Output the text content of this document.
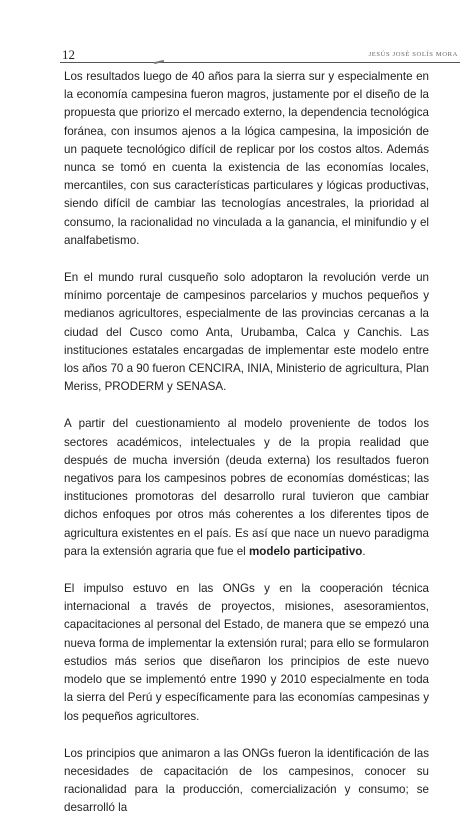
12	JESÚS JOSÉ SOLÍS MORA

Los resultados luego de 40 años para la sierra sur y especialmente en la economía campesina fueron magros, justamente por el diseño de la propuesta que priorizo el mercado externo, la dependencia tecnológica foránea, con insumos ajenos a la lógica campesina, la imposición de un paquete tecnológico difícil de replicar por los costos altos. Además nunca se tomó en cuenta la existencia de las economías locales, mercantiles, con sus características particulares y lógicas productivas, siendo difícil de cambiar las tecnologías ancestrales, la prioridad al consumo, la racionalidad no vinculada a la ganancia, el minifundio y el analfabetismo.

En el mundo rural cusqueño solo adoptaron la revolución verde un mínimo porcentaje de campesinos parcelarios y muchos pequeños y medianos agricultores, especialmente de las provincias cercanas a la ciudad del Cusco como Anta, Urubamba, Calca y Canchis. Las instituciones estatales encargadas de implementar este modelo entre los años 70 a 90 fueron CENCIRA, INIA, Ministerio de agricultura, Plan Meriss, PRODERM y SENASA.

A partir del cuestionamiento al modelo proveniente de todos los sectores académicos, intelectuales y de la propia realidad que después de mucha inversión (deuda externa) los resultados fueron negativos para los campesinos pobres de economías domésticas; las instituciones promotoras del desarrollo rural tuvieron que cambiar dichos enfoques por otros más coherentes a los diferentes tipos de agricultura existentes en el país. Es así que nace un nuevo paradigma para la extensión agraria que fue el modelo participativo.

El impulso estuvo en las ONGs y en la cooperación técnica internacional a través de proyectos, misiones, asesoramientos, capacitaciones al personal del Estado, de manera que se empezó una nueva forma de implementar la extensión rural; para ello se formularon estudios más serios que diseñaron los principios de este nuevo modelo que se implementó entre 1990 y 2010 especialmente en toda la sierra del Perú y específicamente para las economías campesinas y los pequeños agricultores.

Los principios que animaron a las ONGs fueron la identificación de las necesidades de capacitación de los campesinos, conocer su racionalidad para la producción, comercialización y consumo; se desarrolló la
